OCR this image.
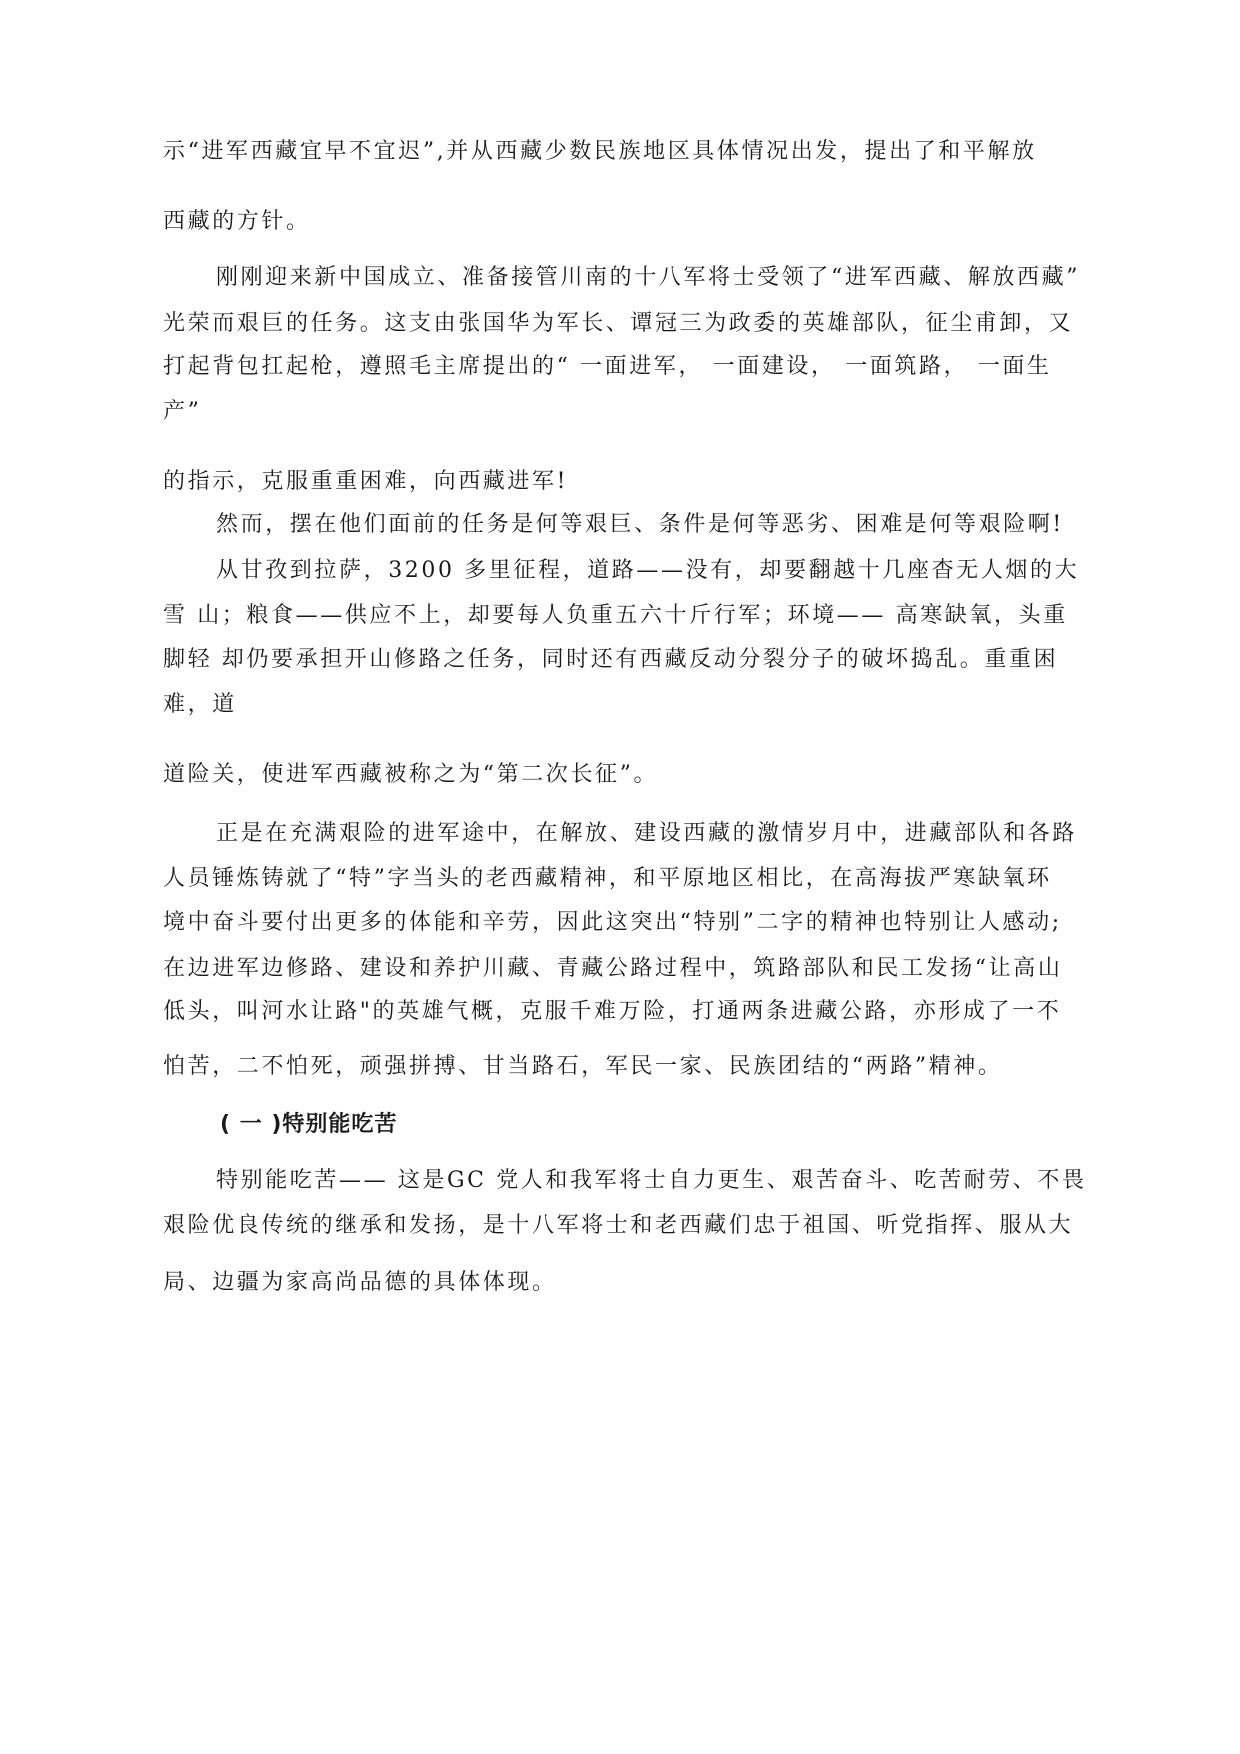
示“进军西藏宜早不宜迟”,并从西藏少数民族地区具体情况出发，提出了和平解放
西藏的方针。
刚刚迎来新中国成立、准备接管川南的十八军将士受领了“进军西藏、解放西藏”
光荣而艰巨的任务。这支由张国华为军长、谭冠三为政委的英雄部队，征尘甫卸，又
打起背包扛起枪，遵照毛主席提出的“ 一面进军， 一面建设， 一面筑路， 一面生
产”
的指示，克服重重困难，向西藏进军!
然而，摆在他们面前的任务是何等艰巨、条件是何等恶劣、困难是何等艰险啊!
从甘孜到拉萨，3200 多里征程，道路——没有，却要翻越十几座杳无人烟的大
雪 山；粮食——供应不上，却要每人负重五六十斤行军；环境—— 高寒缺氧，头重
脚轻 却仍要承担开山修路之任务，同时还有西藏反动分裂分子的破坏捣乱。重重困
难，道
道险关，使进军西藏被称之为“第二次长征”。
正是在充满艰险的进军途中，在解放、建设西藏的激情岁月中，进藏部队和各路
人员锤炼铸就了“特”字当头的老西藏精神，和平原地区相比，在高海拔严寒缺氧环
境中奋斗要付出更多的体能和辛劳，因此这突出“特别”二字的精神也特别让人感动;
在边进军边修路、建设和养护川藏、青藏公路过程中，筑路部队和民工发扬“让高山
低头，叫河水让路"的英雄气概，克服千难万险，打通两条进藏公路，亦形成了一不
怕苦，二不怕死，顽强拼搏、甘当路石，军民一家、民族团结的“两路”精神。
( 一 )特别能吃苦
特别能吃苦—— 这是GC 党人和我军将士自力更生、艰苦奋斗、吃苦耐劳、不畏
艰险优良传统的继承和发扬，是十八军将士和老西藏们忠于祖国、听党指挥、服从大
局、边疆为家高尚品德的具体体现。
